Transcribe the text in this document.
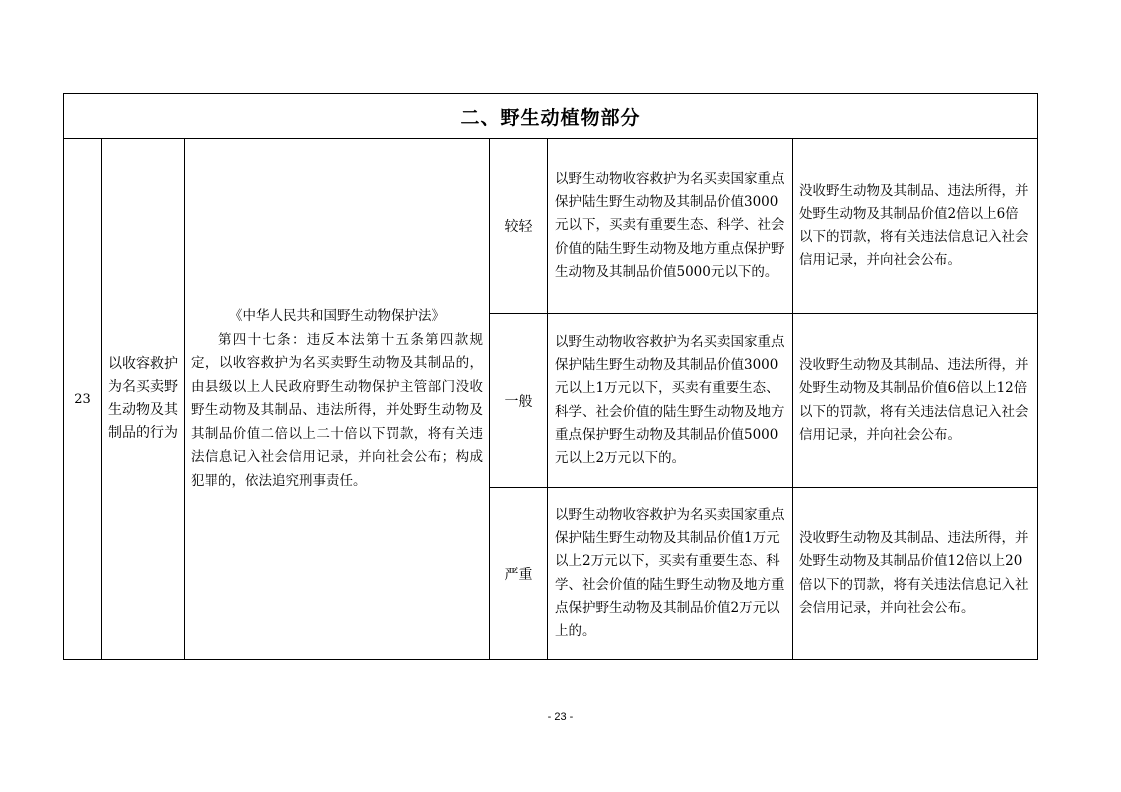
二、野生动植物部分					
23	以收容救护为名买卖野生动物及其制品的行为	《中华人民共和国野生动物保护法》
第四十七条：违反本法第十五条第四款规定，以收容救护为名买卖野生动物及其制品的，由县级以上人民政府野生动物保护主管部门没收野生动物及其制品、违法所得，并处野生动物及其制品价值二倍以上二十倍以下罚款，将有关违法信息记入社会信用记录，并向社会公布；构成犯罪的，依法追究刑事责任。	较轻	以野生动物收容救护为名买卖国家重点保护陆生野生动物及其制品价值3000元以下，买卖有重要生态、科学、社会价值的陆生野生动物及地方重点保护野生动物及其制品价值5000元以下的。	没收野生动物及其制品、违法所得，并处野生动物及其制品价值2倍以上6倍以下的罚款，将有关违法信息记入社会信用记录，并向社会公布。
			一般	以野生动物收容救护为名买卖国家重点保护陆生野生动物及其制品价值3000元以上1万元以下，买卖有重要生态、科学、社会价值的陆生野生动物及地方重点保护野生动物及其制品价值5000元以上2万元以下的。	没收野生动物及其制品、违法所得，并处野生动物及其制品价值6倍以上12倍以下的罚款，将有关违法信息记入社会信用记录，并向社会公布。
			严重	以野生动物收容救护为名买卖国家重点保护陆生野生动物及其制品价值1万元以上2万元以下，买卖有重要生态、科学、社会价值的陆生野生动物及地方重点保护野生动物及其制品价值2万元以上的。	没收野生动物及其制品、违法所得，并处野生动物及其制品价值12倍以上20倍以下的罚款，将有关违法信息记入社会信用记录，并向社会公布。
- 23 -
